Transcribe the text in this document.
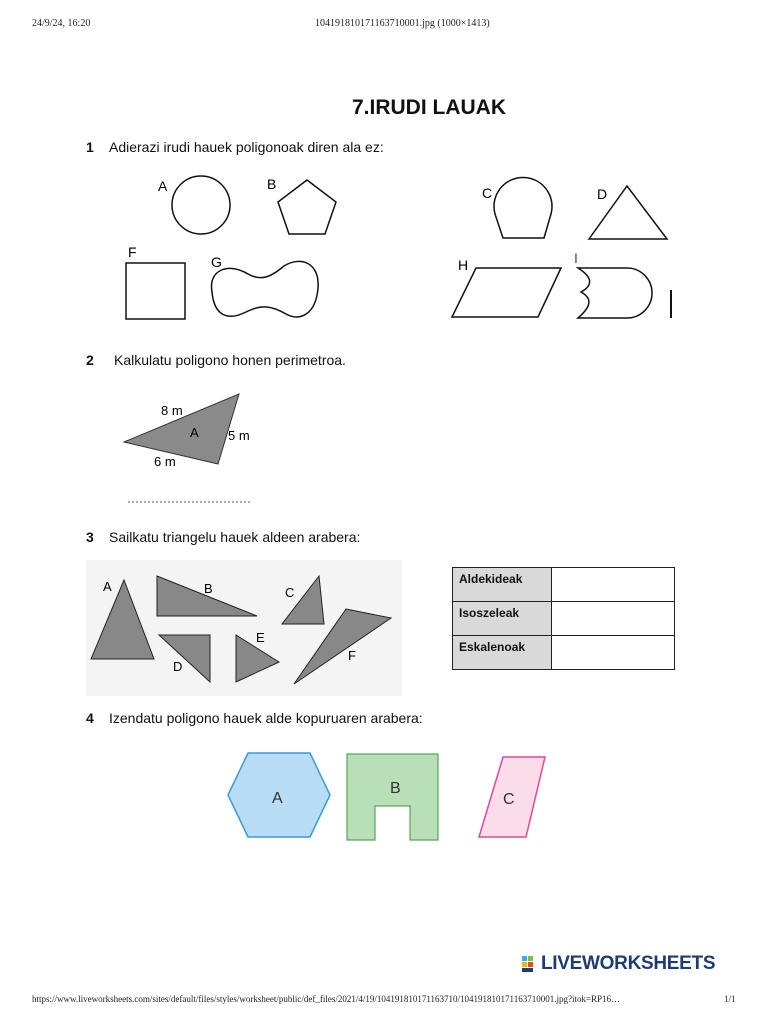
24/9/24, 16:20	104191810171163710001.jpg (1000×1413)
7.IRUDI LAUAK
1 Adierazi irudi hauek poligonoak diren ala ez:
A	B
C	D
F
G	H	I
2 Kalkulatu poligono honen perimetroa.
8 m
5 m
6 m
A
3 Sailkatu triangelu hauek aldeen arabera:
A	B	C
D
E
F
Aldekideak	
Isoszeleak	
Eskalenoak	
4 Izendatu poligono hauek alde kopuruaren arabera:
A
B
C
LIVEWORKSHEETS
https://www.liveworksheets.com/sites/default/files/styles/worksheet/public/def_files/2021/4/19/104191810171163710/104191810171163710001.jpg?itok=RP16…	1/1
